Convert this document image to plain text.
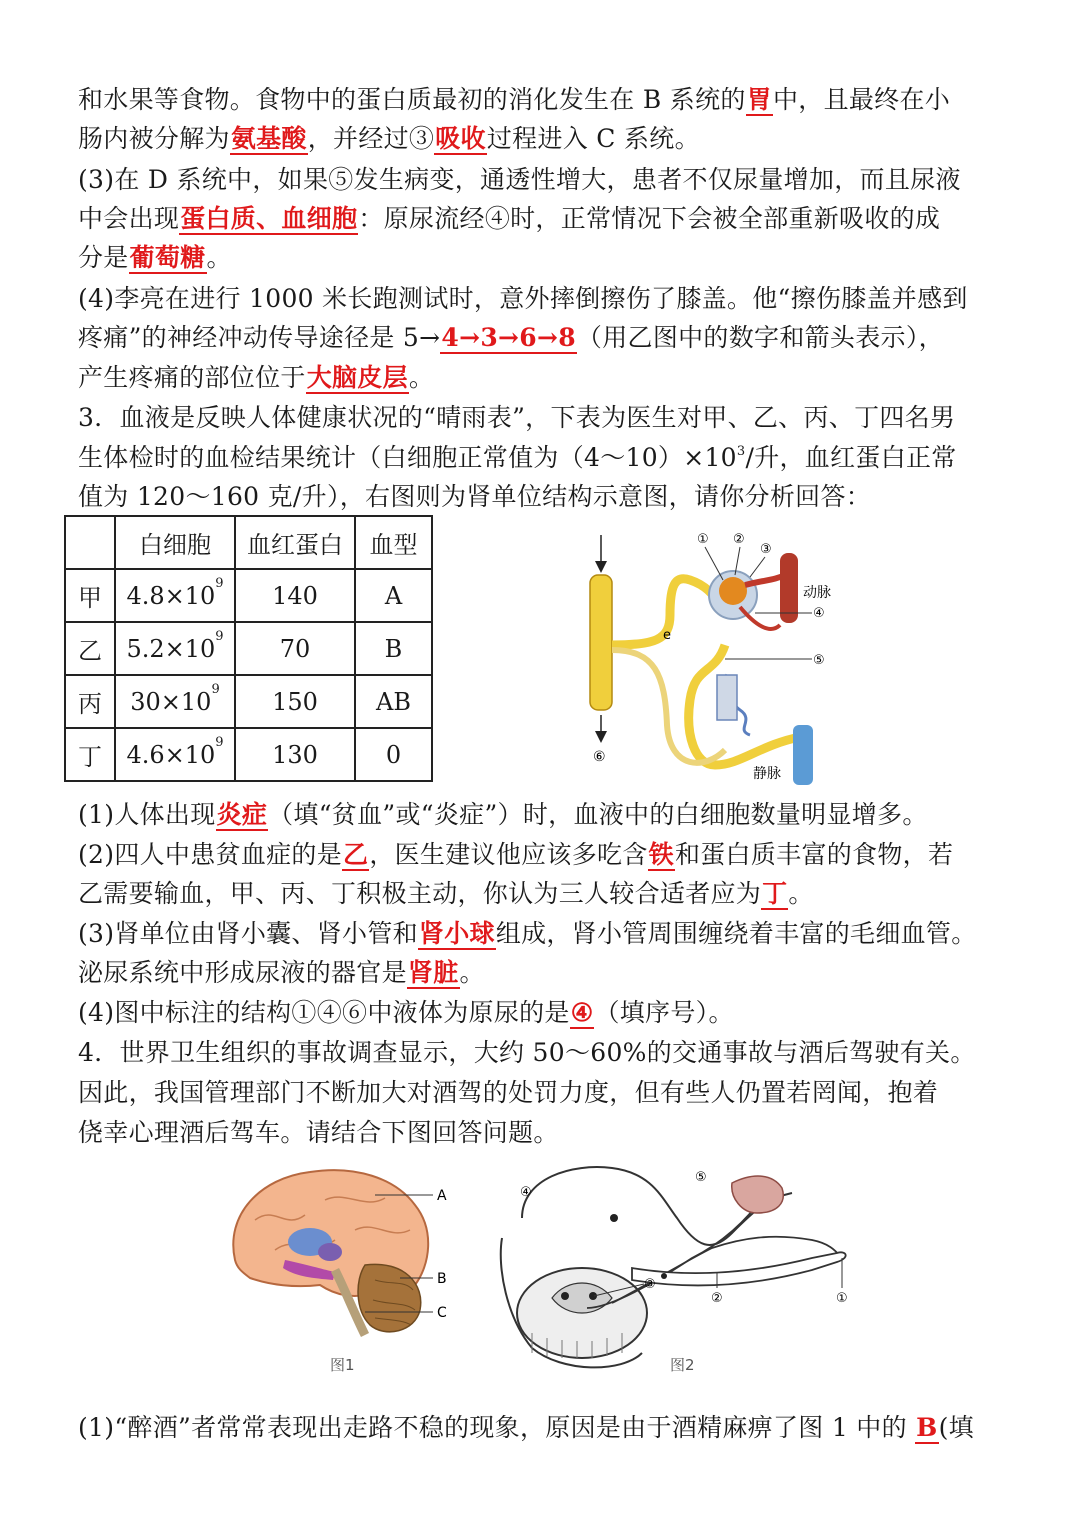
和水果等食物。食物中的蛋白质最初的消化发生在 B 系统的胃中，且最终在小
肠内被分解为氨基酸，并经过③吸收过程进入 C 系统。
(3)在 D 系统中，如果⑤发生病变，通透性增大，患者不仅尿量增加，而且尿液
中会出现蛋白质、血细胞：原尿流经④时，正常情况下会被全部重新吸收的成
分是葡萄糖。
(4)李亮在进行 1000 米长跑测试时，意外摔倒擦伤了膝盖。他“擦伤膝盖并感到
疼痛”的神经冲动传导途径是 5→4→3→6→8（用乙图中的数字和箭头表示），
产生疼痛的部位位于大脑皮层。
3．血液是反映人体健康状况的“晴雨表”，下表为医生对甲、乙、丙、丁四名男
生体检时的血检结果统计（白细胞正常值为$(4\sim 10)\times 10^3/$升，血红蛋白正常
值为 120～160 克/升），右图则为肾单位结构示意图，请你分析回答：
	白细胞	血红蛋白	血型
甲	$4.8\times 10^9$	140	A
乙	$5.2\times 10^9$	70	B
丙	$30\times 10^9$	150	AB
丁	$4.6\times 10^9$	130	0	⑥
e
动脉
静脉
① ②
③
④
⑤
(1)人体出现炎症（填“贫血”或“炎症”）时，血液中的白细胞数量明显增多。
(2)四人中患贫血症的是乙，医生建议他应该多吃含铁和蛋白质丰富的食物，若
乙需要输血，甲、丙、丁积极主动，你认为三人较合适者应为丁。
(3)肾单位由肾小囊、肾小管和肾小球组成，肾小管周围缠绕着丰富的毛细血管。
泌尿系统中形成尿液的器官是肾脏。
(4)图中标注的结构①④⑥中液体为原尿的是④（填序号）。
4．世界卫生组织的事故调查显示，大约 50～60%的交通事故与酒后驾驶有关。
因此，我国管理部门不断加大对酒驾的处罚力度，但有些人仍置若罔闻，抱着
侥幸心理酒后驾车。请结合下图回答问题。
A
B
C
图1
④
⑤
③
②	①
图2
(1)“醉酒”者常常表现出走路不稳的现象，原因是由于酒精麻痹了图 1 中的 B(填
